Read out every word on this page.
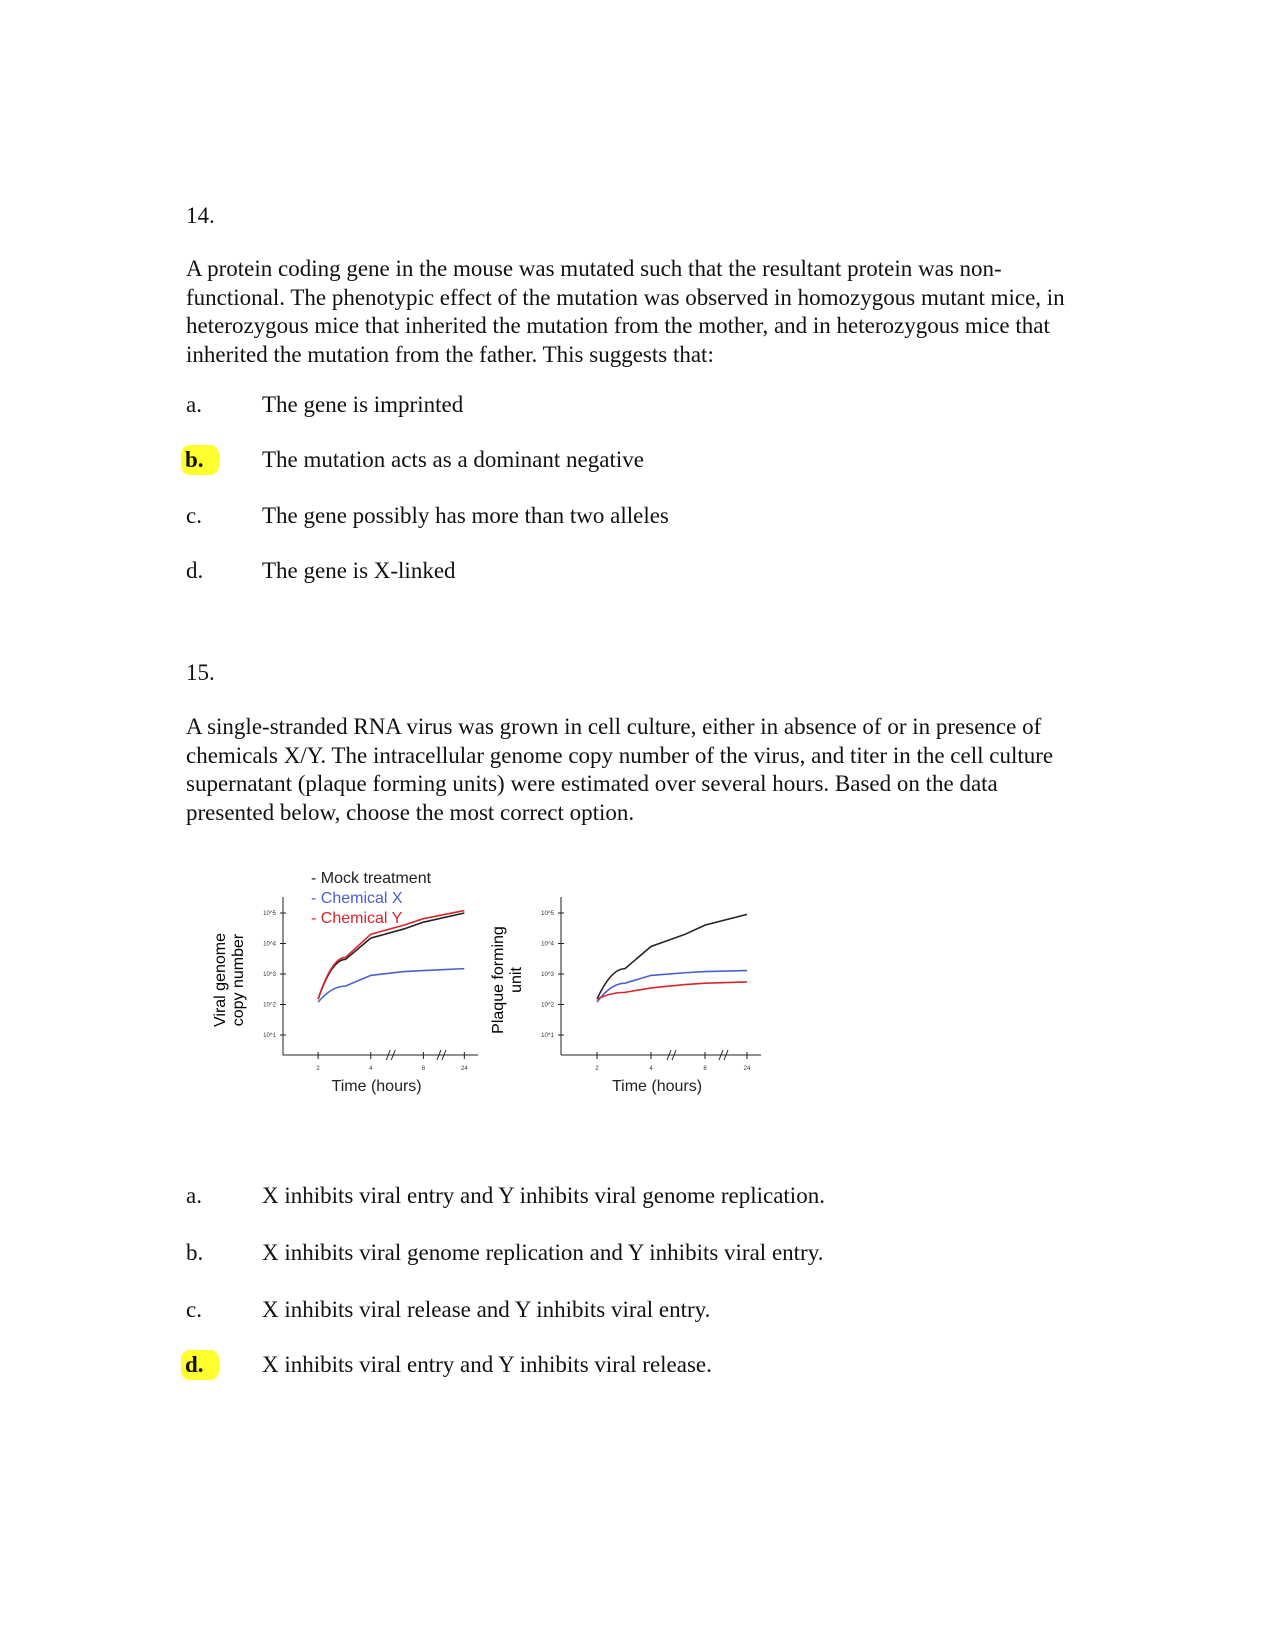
14.
A protein coding gene in the mouse was mutated such that the resultant protein was non-functional. The phenotypic effect of the mutation was observed in homozygous mutant mice, in heterozygous mice that inherited the mutation from the mother, and in heterozygous mice that inherited the mutation from the father. This suggests that:
a.	The gene is imprinted
b.	The mutation acts as a dominant negative
c.	The gene possibly has more than two alleles
d.	The gene is X-linked
15.
A single-stranded RNA virus was grown in cell culture, either in absence of or in presence of chemicals X/Y. The intracellular genome copy number of the virus, and titer in the cell culture supernatant (plaque forming units) were estimated over several hours. Based on the data presented below, choose the most correct option.
- Mock treatment
- Chemical X
- Chemical Y
Viral genomecopy number
10^1
10^2
10^3
10^4
10^5
2	4	8	24
Time (hours)
Plaque formingunit
10^1
10^2
10^3
10^4
10^5
2	4	8	24
Time (hours)
a.	X inhibits viral entry and Y inhibits viral genome replication.
b.	X inhibits viral genome replication and Y inhibits viral entry.
c.	X inhibits viral release and Y inhibits viral entry.
d.	X inhibits viral entry and Y inhibits viral release.
